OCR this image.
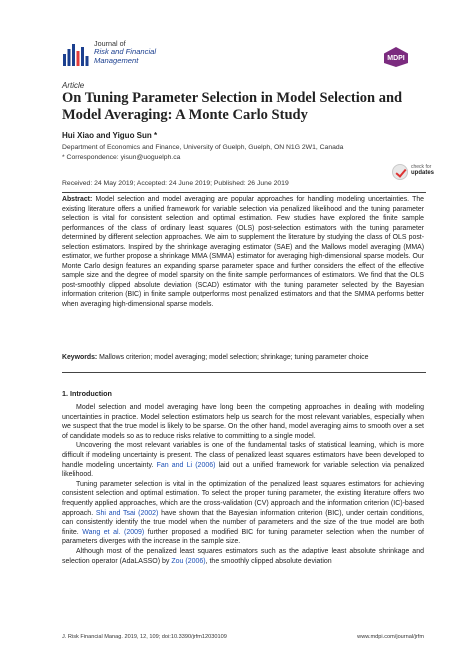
Journal of
Risk and Financial
Management	MDPI
Article
On Tuning Parameter Selection in Model Selection and Model Averaging: A Monte Carlo Study
Hui Xiao and Yiguo Sun *
Department of Economics and Finance, University of Guelph, Guelph, ON N1G 2W1, Canada
* Correspondence: yisun@uoguelph.ca
check for
updates
Received: 24 May 2019; Accepted: 24 June 2019; Published: 26 June 2019
Abstract: Model selection and model averaging are popular approaches for handling modeling uncertainties. The existing literature offers a unified framework for variable selection via penalized likelihood and the tuning parameter selection is vital for consistent selection and optimal estimation. Few studies have explored the finite sample performances of the class of ordinary least squares (OLS) post-selection estimators with the tuning parameter determined by different selection approaches. We aim to supplement the literature by studying the class of OLS post-selection estimators. Inspired by the shrinkage averaging estimator (SAE) and the Mallows model averaging (MMA) estimator, we further propose a shrinkage MMA (SMMA) estimator for averaging high-dimensional sparse models. Our Monte Carlo design features an expanding sparse parameter space and further considers the effect of the effective sample size and the degree of model sparsity on the finite sample performances of estimators. We find that the OLS post-smoothly clipped absolute deviation (SCAD) estimator with the tuning parameter selected by the Bayesian information criterion (BIC) in finite sample outperforms most penalized estimators and that the SMMA performs better when averaging high-dimensional sparse models.
Keywords: Mallows criterion; model averaging; model selection; shrinkage; tuning parameter choice
1. Introduction

Model selection and model averaging have long been the competing approaches in dealing with modeling uncertainties in practice. Model selection estimators help us search for the most relevant variables, especially when we suspect that the true model is likely to be sparse. On the other hand, model averaging aims to smooth over a set of candidate models so as to reduce risks relative to committing to a single model.

Uncovering the most relevant variables is one of the fundamental tasks of statistical learning, which is more difficult if modeling uncertainty is present. The class of penalized least squares estimators have been developed to handle modeling uncertainty. Fan and Li (2006) laid out a unified framework for variable selection via penalized likelihood.

Tuning parameter selection is vital in the optimization of the penalized least squares estimators for achieving consistent selection and optimal estimation. To select the proper tuning parameter, the existing literature offers two frequently applied approaches, which are the cross-validation (CV) approach and the information criterion (IC)-based approach. Shi and Tsai (2002) have shown that the Bayesian information criterion (BIC), under certain conditions, can consistently identify the true model when the number of parameters and the size of the true model are both finite. Wang et al. (2009) further proposed a modified BIC for tuning parameter selection when the number of parameters diverges with the increase in the sample size.

Although most of the penalized least squares estimators such as the adaptive least absolute shrinkage and selection operator (AdaLASSO) by Zou (2006), the smoothly clipped absolute deviation

J. Risk Financial Manag. 2019, 12, 109; doi:10.3390/jrfm12030109	www.mdpi.com/journal/jrfm
